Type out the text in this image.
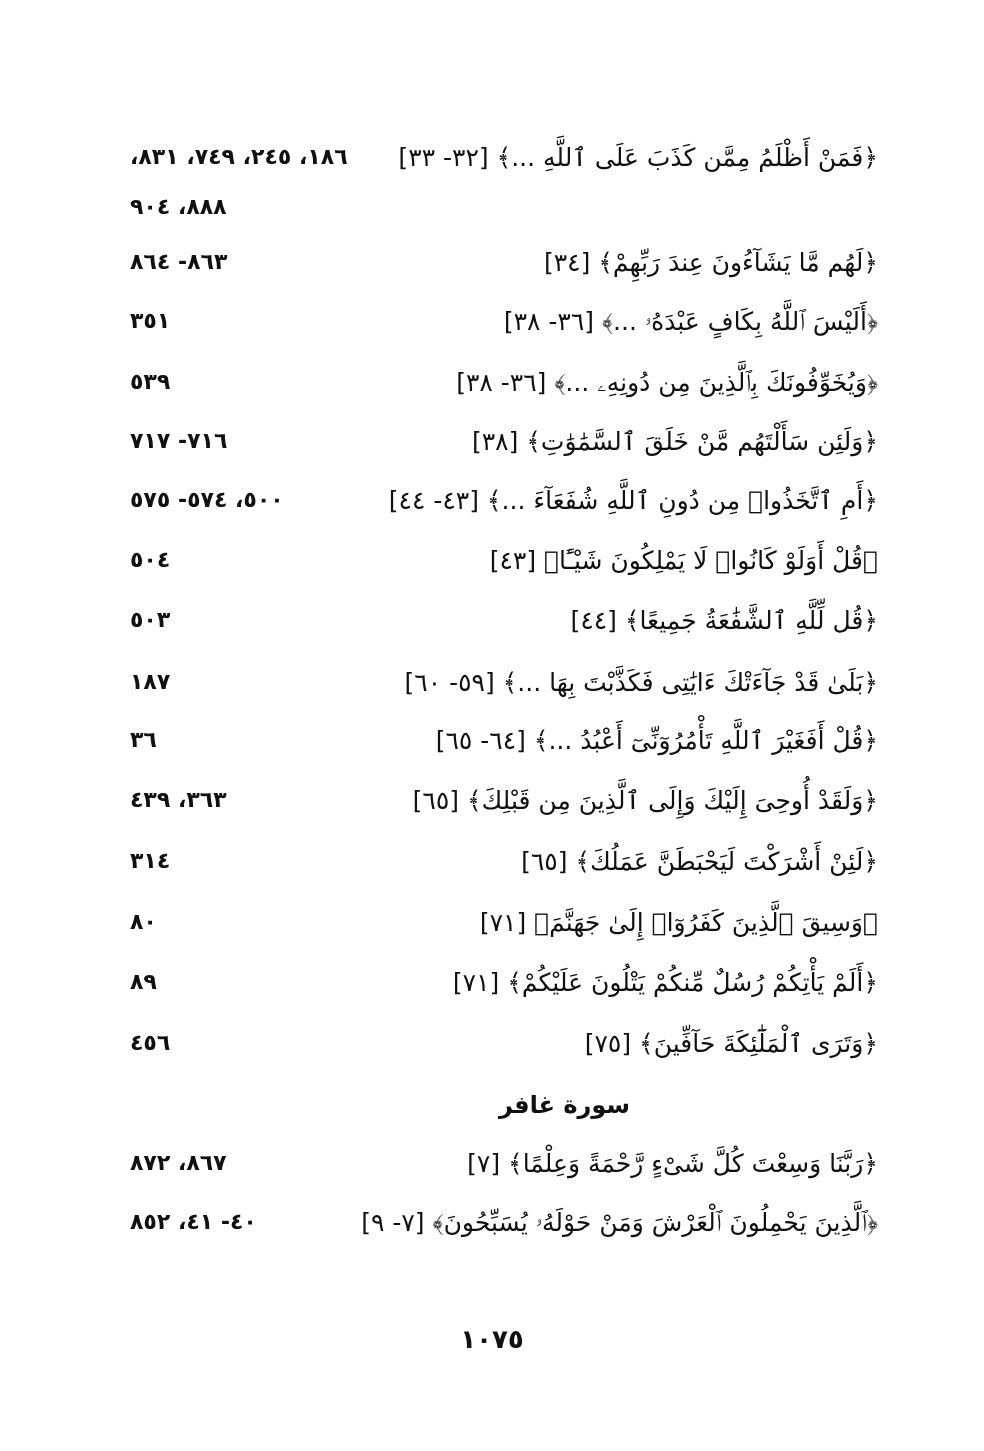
﴿فَمَنْ أَظْلَمُ مِمَّن كَذَبَ عَلَى ٱللَّهِ ...﴾ [٣٢- ٣٣]
١٨٦، ٢٤٥، ٧٤٩، ٨٣١،
٨٨٨، ٩٠٤
﴿لَهُم مَّا يَشَآءُونَ عِندَ رَبِّهِمْ﴾ [٣٤]
٨٦٣- ٨٦٤
﴿أَلَيْسَ ٱللَّهُ بِكَافٍ عَبْدَهُۥ ...﴾ [٣٦- ٣٨]
٣٥١
﴿وَيُخَوِّفُونَكَ بِٱلَّذِينَ مِن دُونِهِۦ ...﴾ [٣٦- ٣٨]
٥٣٩
﴿وَلَئِن سَأَلْتَهُم مَّنْ خَلَقَ ٱلسَّمَٰوَٰتِ﴾ [٣٨]
٧١٦- ٧١٧
﴿أَمِ ٱتَّخَذُوا۟ مِن دُونِ ٱللَّهِ شُفَعَآءَ ...﴾ [٤٣- ٤٤]
٥٠٠، ٥٧٤- ٥٧٥
﴿قُلْ أَوَلَوْ كَانُوا۟ لَا يَمْلِكُونَ شَيْـًٔا﴾ [٤٣]
٥٠٤
﴿قُل لِّلَّهِ ٱلشَّفَٰعَةُ جَمِيعًا﴾ [٤٤]
٥٠٣
﴿بَلَىٰ قَدْ جَآءَتْكَ ءَايَٰتِى فَكَذَّبْتَ بِهَا ...﴾ [٥٩- ٦٠]
١٨٧
﴿قُلْ أَفَغَيْرَ ٱللَّهِ تَأْمُرُوٓنِّىٓ أَعْبُدُ ...﴾ [٦٤- ٦٥]
٣٦
﴿وَلَقَدْ أُوحِىَ إِلَيْكَ وَإِلَى ٱلَّذِينَ مِن قَبْلِكَ﴾ [٦٥]
٣٦٣، ٤٣٩
﴿لَئِنْ أَشْرَكْتَ لَيَحْبَطَنَّ عَمَلُكَ﴾ [٦٥]
٣١٤
﴿وَسِيقَ ٱلَّذِينَ كَفَرُوٓا۟ إِلَىٰ جَهَنَّمَ﴾ [٧١]
٨٠
﴿أَلَمْ يَأْتِكُمْ رُسُلٌ مِّنكُمْ يَتْلُونَ عَلَيْكُمْ﴾ [٧١]
٨٩
﴿وَتَرَى ٱلْمَلَٰٓئِكَةَ حَآفِّينَ﴾ [٧٥]
٤٥٦
سورة غافر
﴿رَبَّنَا وَسِعْتَ كُلَّ شَىْءٍ رَّحْمَةً وَعِلْمًا﴾ [٧]
٨٦٧، ٨٧٢
﴿ٱلَّذِينَ يَحْمِلُونَ ٱلْعَرْشَ وَمَنْ حَوْلَهُۥ يُسَبِّحُونَ﴾ [٧- ٩]
٤٠- ٤١، ٨٥٢
١٠٧٥
